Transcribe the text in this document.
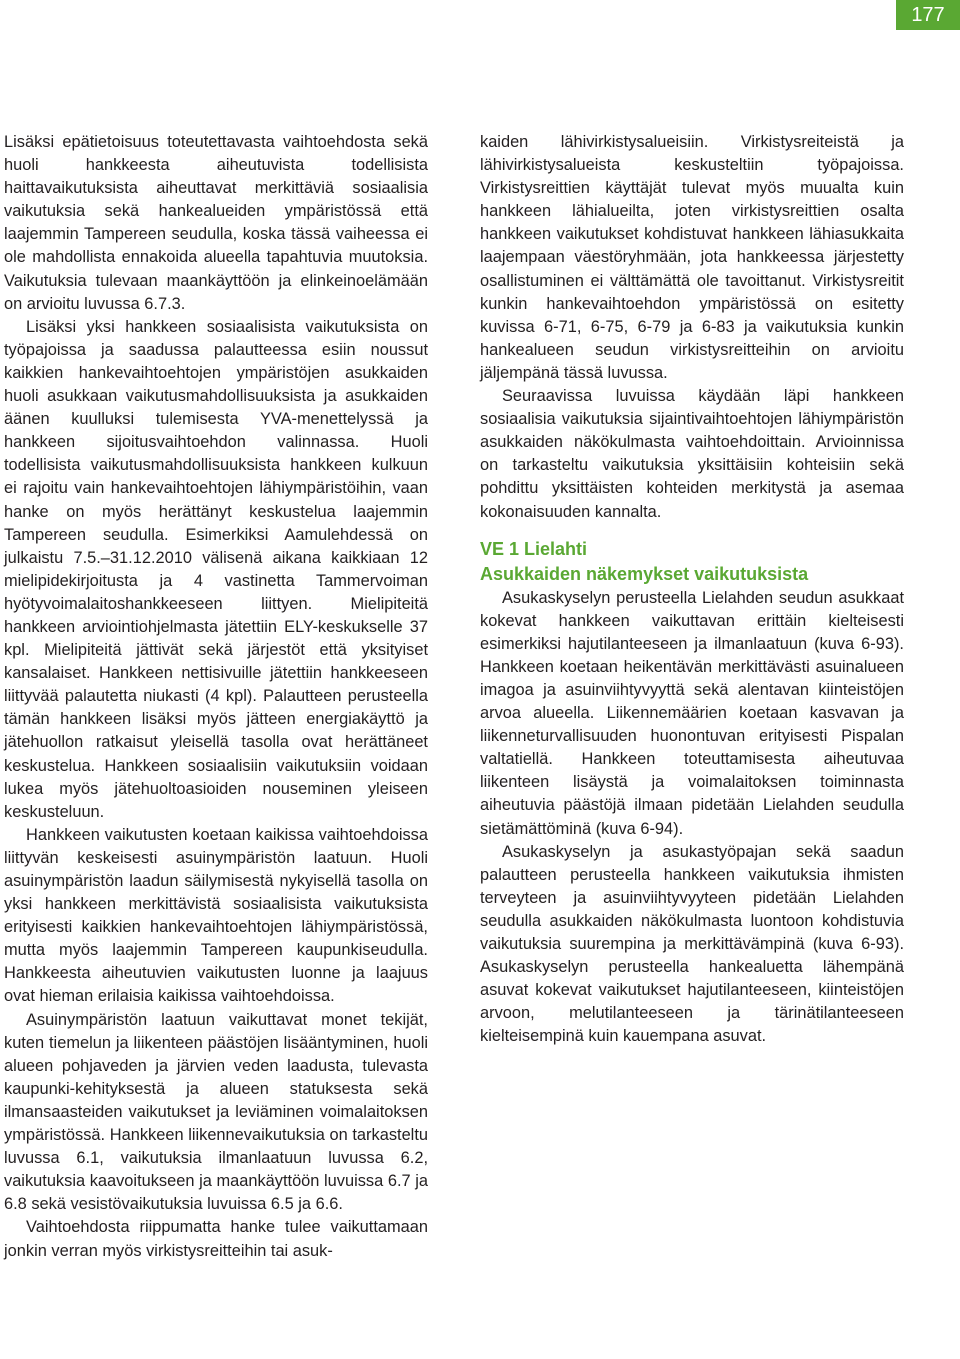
177

Lisäksi epätietoisuus toteutettavasta vaihtoehdosta sekä huoli hankkeesta aiheutuvista todellisista haittavaikutuksista aiheuttavat merkittäviä sosiaalisia vaikutuksia sekä hankealueiden ympäristössä että laajemmin Tampereen seudulla, koska tässä vaiheessa ei ole mahdollista ennakoida alueella tapahtuvia muutoksia. Vaikutuksia tulevaan maankäyttöön ja elinkeinoelämään on arvioitu luvussa 6.7.3.

Lisäksi yksi hankkeen sosiaalisista vaikutuksista on työpajoissa ja saadussa palautteessa esiin noussut kaikkien hankevaihtoehtojen ympäristöjen asukkaiden huoli asukkaan vaikutusmahdollisuuksista ja asukkaiden äänen kuulluksi tulemisesta YVA-menettelyssä ja hankkeen sijoitusvaihtoehdon valinnassa. Huoli todellisista vaikutusmahdollisuuksista hankkeen kulkuun ei rajoitu vain hankevaihtoehtojen lähiympäristöihin, vaan hanke on myös herättänyt keskustelua laajemmin Tampereen seudulla. Esimerkiksi Aamulehdessä on julkaistu 7.5.–31.12.2010 välisenä aikana kaikkiaan 12 mielipidekirjoitusta ja 4 vastinetta Tammervoiman hyötyvoimalaitoshankkeeseen liittyen. Mielipiteitä hankkeen arviointiohjelmasta jätettiin ELY-keskukselle 37 kpl. Mielipiteitä jättivät sekä järjestöt että yksityiset kansalaiset. Hankkeen nettisivuille jätettiin hankkeeseen liittyvää palautetta niukasti (4 kpl). Palautteen perusteella tämän hankkeen lisäksi myös jätteen energiakäyttö ja jätehuollon ratkaisut yleisellä tasolla ovat herättäneet keskustelua. Hankkeen sosiaalisiin vaikutuksiin voidaan lukea myös jätehuoltoasioiden nouseminen yleiseen keskusteluun.

Hankkeen vaikutusten koetaan kaikissa vaihtoehdoissa liittyvän keskeisesti asuinympäristön laatuun. Huoli asuinympäristön laadun säilymisestä nykyisellä tasolla on yksi hankkeen merkittävistä sosiaalisista vaikutuksista erityisesti kaikkien hankevaihtoehtojen lähiympäristössä, mutta myös laajemmin Tampereen kaupunkiseudulla. Hankkeesta aiheutuvien vaikutusten luonne ja laajuus ovat hieman erilaisia kaikissa vaihtoehdoissa.

Asuinympäristön laatuun vaikuttavat monet tekijät, kuten tiemelun ja liikenteen päästöjen lisääntyminen, huoli alueen pohjaveden ja järvien veden laadusta, tulevasta kaupunki-kehityksestä ja alueen statuksesta sekä ilmansaasteiden vaikutukset ja leviäminen voimalaitoksen ympäristössä. Hankkeen liikennevaikutuksia on tarkasteltu luvussa 6.1, vaikutuksia ilmanlaatuun luvussa 6.2, vaikutuksia kaavoitukseen ja maankäyttöön luvuissa 6.7 ja 6.8 sekä vesistövaikutuksia luvuissa 6.5 ja 6.6.

Vaihtoehdosta riippumatta hanke tulee vaikuttamaan jonkin verran myös virkistysreitteihin tai asuk-

kaiden lähivirkistysalueisiin. Virkistysreiteistä ja lähivirkistysalueista keskusteltiin työpajoissa. Virkistysreittien käyttäjät tulevat myös muualta kuin hankkeen lähialueilta, joten virkistysreittien osalta hankkeen vaikutukset kohdistuvat hankkeen lähiasukkaita laajempaan väestöryhmään, jota hankkeessa järjestetty osallistuminen ei välttämättä ole tavoittanut. Virkistysreitit kunkin hankevaihtoehdon ympäristössä on esitetty kuvissa 6-71, 6-75, 6-79 ja 6-83 ja vaikutuksia kunkin hankealueen seudun virkistysreitteihin on arvioitu jäljempänä tässä luvussa.

Seuraavissa luvuissa käydään läpi hankkeen sosiaalisia vaikutuksia sijaintivaihtoehtojen lähiympäristön asukkaiden näkökulmasta vaihtoehdoittain. Arvioinnissa on tarkasteltu vaikutuksia yksittäisiin kohteisiin sekä pohdittu yksittäisten kohteiden merkitystä ja asemaa kokonaisuuden kannalta.

VE 1 Lielahti
Asukkaiden näkemykset vaikutuksista

Asukaskyselyn perusteella Lielahden seudun asukkaat kokevat hankkeen vaikuttavan erittäin kielteisesti esimerkiksi hajutilanteeseen ja ilmanlaatuun (kuva 6-93). Hankkeen koetaan heikentävän merkittävästi asuinalueen imagoa ja asuinviihtyvyyttä sekä alentavan kiinteistöjen arvoa alueella. Liikennemäärien koetaan kasvavan ja liikenneturvallisuuden huonontuvan erityisesti Pispalan valtatiellä. Hankkeen toteuttamisesta aiheutuvaa liikenteen lisäystä ja voimalaitoksen toiminnasta aiheutuvia päästöjä ilmaan pidetään Lielahden seudulla sietämättöminä (kuva 6-94).

Asukaskyselyn ja asukastyöpajan sekä saadun palautteen perusteella hankkeen vaikutuksia ihmisten terveyteen ja asuinviihtyvyyteen pidetään Lielahden seudulla asukkaiden näkökulmasta luontoon kohdistuvia vaikutuksia suurempina ja merkittävämpinä (kuva 6-93). Asukaskyselyn perusteella hankealuetta lähempänä asuvat kokevat vaikutukset hajutilanteeseen, kiinteistöjen arvoon, melutilanteeseen ja tärinätilanteeseen kielteisempinä kuin kauempana asuvat.
